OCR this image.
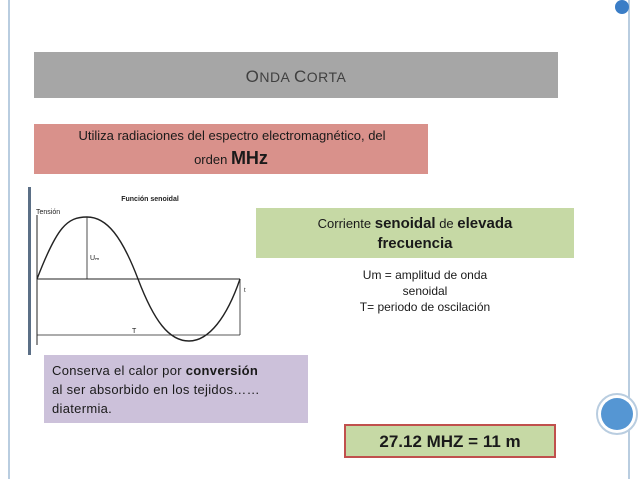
ONDA CORTA
Utiliza radiaciones del espectro electromagnético, del
orden MHz
Función senoidal
Tensión
Uₘ
T
t
Corriente senoidal de elevada
frecuencia
Um = amplitud de onda
senoidal
T= periodo de oscilación
Conserva el calor por conversión
al ser absorbido en los tejidos……
diatermia.
27.12 MHZ = 11 m
